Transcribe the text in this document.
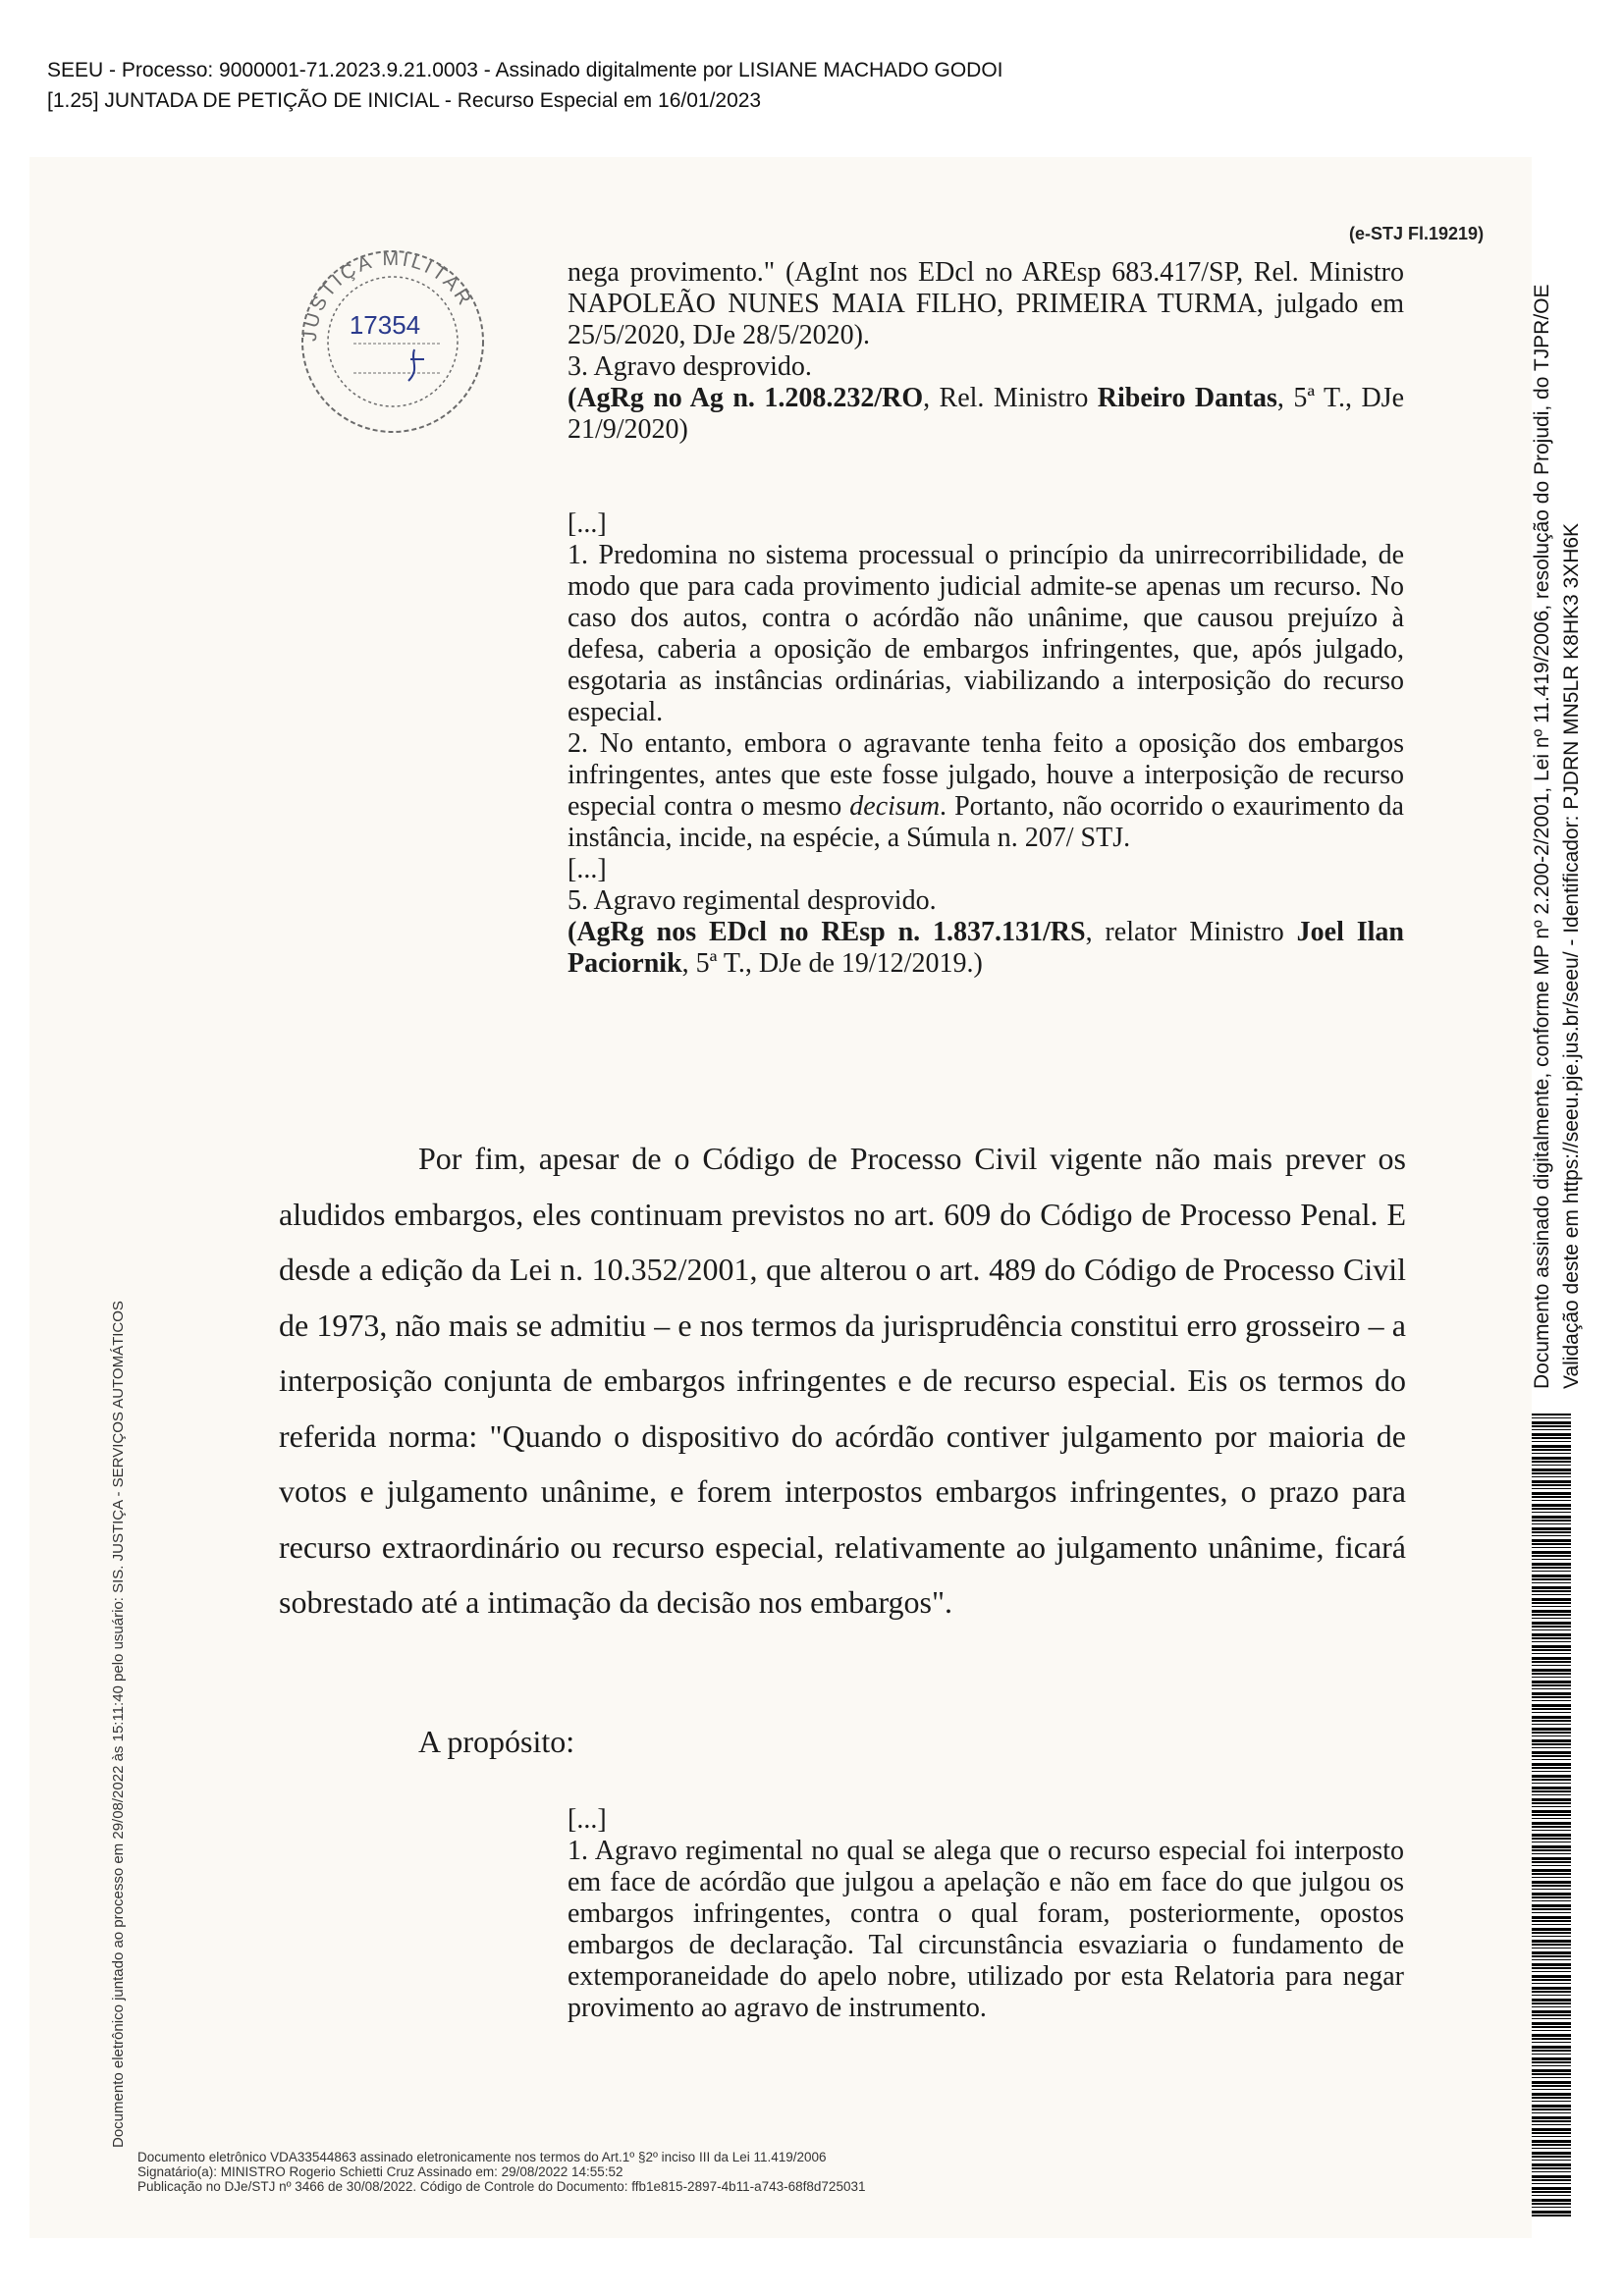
SEEU - Processo: 9000001-71.2023.9.21.0003 - Assinado digitalmente por LISIANE MACHADO GODOI
[1.25] JUNTADA DE PETIÇÃO DE INICIAL - Recurso Especial em 16/01/2023
(e-STJ Fl.19219)
JUSTIÇA MILITAR
17354

nega provimento." (AgInt nos EDcl no AREsp 683.417/SP, Rel. Ministro NAPOLEÃO NUNES MAIA FILHO, PRIMEIRA TURMA, julgado em 25/5/2020, DJe 28/5/2020).

3. Agravo desprovido.

(AgRg no Ag n. 1.208.232/RO, Rel. Ministro Ribeiro Dantas, 5ª T., DJe 21/9/2020)

[...]

1. Predomina no sistema processual o princípio da unirrecorribilidade, de modo que para cada provimento judicial admite-se apenas um recurso. No caso dos autos, contra o acórdão não unânime, que causou prejuízo à defesa, caberia a oposição de embargos infringentes, que, após julgado, esgotaria as instâncias ordinárias, viabilizando a interposição do recurso especial.

2. No entanto, embora o agravante tenha feito a oposição dos embargos infringentes, antes que este fosse julgado, houve a interposição de recurso especial contra o mesmo decisum. Portanto, não ocorrido o exaurimento da instância, incide, na espécie, a Súmula n. 207/ STJ.

[...]

5. Agravo regimental desprovido.

(AgRg nos EDcl no REsp n. 1.837.131/RS, relator Ministro Joel Ilan Paciornik, 5ª T., DJe de 19/12/2019.)

Por fim, apesar de o Código de Processo Civil vigente não mais prever os aludidos embargos, eles continuam previstos no art. 609 do Código de Processo Penal. E desde a edição da Lei n. 10.352/2001, que alterou o art. 489 do Código de Processo Civil de 1973, não mais se admitiu – e nos termos da jurisprudência constitui erro grosseiro – a interposição conjunta de embargos infringentes e de recurso especial. Eis os termos do referida norma: "Quando o dispositivo do acórdão contiver julgamento por maioria de votos e julgamento unânime, e forem interpostos embargos infringentes, o prazo para recurso extraordinário ou recurso especial, relativamente ao julgamento unânime, ficará sobrestado até a intimação da decisão nos embargos".

A propósito:

[...]

1. Agravo regimental no qual se alega que o recurso especial foi interposto em face de acórdão que julgou a apelação e não em face do que julgou os embargos infringentes, contra o qual foram, posteriormente, opostos embargos de declaração. Tal circunstância esvaziaria o fundamento de extemporaneidade do apelo nobre, utilizado por esta Relatoria para negar provimento ao agravo de instrumento.

Documento eletrônico juntado ao processo em 29/08/2022 às 15:11:40 pelo usuário: SIS. JUSTIÇA - SERVIÇOS AUTOMÁTICOS
Documento assinado digitalmente, conforme MP nº 2.200-2/2001, Lei nº 11.419/2006, resolução do Projudi, do TJPR/OE Validação deste em https://seeu.pje.jus.br/seeu/ - Identificador: PJDRN MN5LR K8HK3 3XH6K
Documento eletrônico VDA33544863 assinado eletronicamente nos termos do Art.1º §2º inciso III da Lei 11.419/2006
Signatário(a): MINISTRO Rogerio Schietti Cruz Assinado em: 29/08/2022 14:55:52
Publicação no DJe/STJ nº 3466 de 30/08/2022. Código de Controle do Documento: ffb1e815-2897-4b11-a743-68f8d725031
